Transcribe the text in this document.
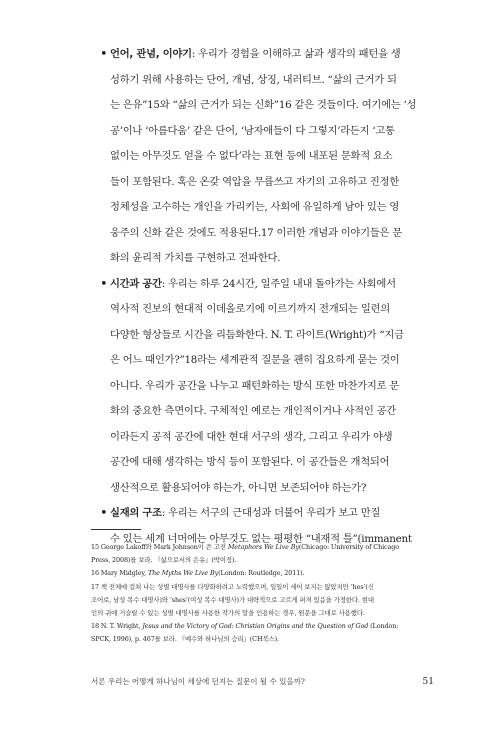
• 언어, 관념, 이야기: 우리가 경험을 이해하고 삶과 생각의 패턴을 생
성하기 위해 사용하는 단어, 개념, 상징, 내러티브. “삶의 근거가 되
는 은유”15와 “삶의 근거가 되는 신화”16 같은 것들이다. 여기에는 ‘성
공’이나 ‘아름다움’ 같은 단어, ‘남자애들이 다 그렇지’라든지 ‘고통
없이는 아무것도 얻을 수 없다’라는 표현 등에 내포된 문화적 요소
들이 포함된다. 혹은 온갖 역압을 무릅쓰고 자기의 고유하고 진정한
정체성을 고수하는 개인을 가리키는, 사회에 유일하게 남아 있는 영
웅주의 신화 같은 것에도 적용된다.17 이러한 개념과 이야기들은 문
화의 윤리적 가치를 구현하고 전파한다.
• 시간과 공간: 우리는 하루 24시간, 일주일 내내 돌아가는 사회에서
역사적 진보의 현대적 이데올로기에 이르기까지 전개되는 일련의
다양한 형상들로 시간을 리듬화한다. N. T. 라이트(Wright)가 “지금
은 어느 때인가?”18라는 세계관적 질문을 괜히 집요하게 묻는 것이
아니다. 우리가 공간을 나누고 패턴화하는 방식 또한 마찬가지로 문
화의 중요한 측면이다. 구체적인 예로는 개인적이거나 사적인 공간
이라든지 공적 공간에 대한 현대 서구의 생각, 그리고 우리가 야생
공간에 대해 생각하는 방식 등이 포함된다. 이 공간들은 개척되어
생산적으로 활용되어야 하는가, 아니면 보존되어야 하는가?
• 실재의 구조: 우리는 서구의 근대성과 더불어 우리가 보고 만질
수 있는 세계 너머에는 아무것도 없는 평평한 “내재적 틀”(immanent
15 George Lakoff와 Mark Johnson이 쓴 고전 Metaphors We Live By(Chicago: University of Chicago
Press, 2008)를 보라. 『삶으로서의 은유』(박이정).
16 Mary Midgley, The Myths We Live By(London: Routledge, 2011).
17 책 전체에 걸쳐 나는 성별 대명사를 다양화하려고 노력했으며, 일일이 세어 보지는 않았지만 ‘hes’(신
조어로, 남성 복수 대명사)와 ‘shes’(여성 복수 대명사)가 대략적으로 고르게 퍼져 있음을 가정한다. 현대
인의 귀에 거슬릴 수 있는 성별 대명사를 사용한 작가의 말을 인용하는 경우, 원문을 그대로 사용했다.
18 N. T. Wright, Jesus and the Victory of God: Christian Origins and the Question of God (London:
SPCK, 1996), p. 467를 보라. 『예수와 하나님의 승리』(CH북스).
서론 우리는 어떻게 하나님이 세상에 던지는 질문이 될 수 있을까?	51
